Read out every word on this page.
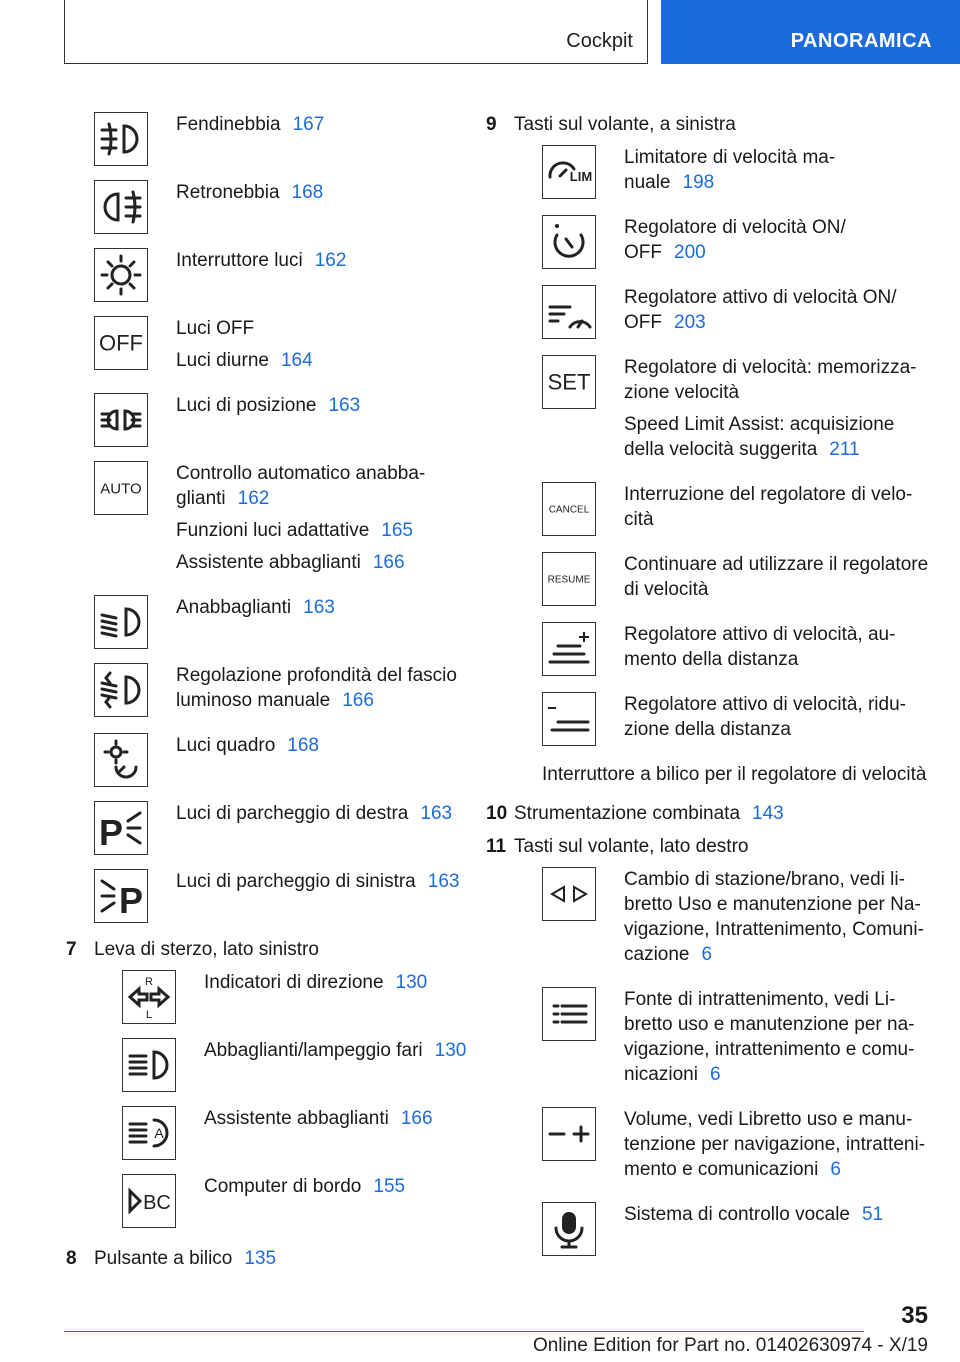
Cockpit	PANORAMICA

Fendinebbia 167

Retronebbia 168

Interruttore luci 162

OFF

Luci OFF

Luci diurne 164

Luci di posizione 163

AUTO

Controllo automatico anabba-
glianti 162

Funzioni luci adattative 165

Assistente abbaglianti 166

Anabbaglianti 163

Regolazione profondità del fascio
luminoso manuale 166

Luci quadro 168

P	Luci di parcheggio di destra 163

P Luci di parcheggio di sinistra 163

7 Leva di sterzo, lato sinistro
R
L

Indicatori di direzione 130

Abbaglianti/lampeggio fari 130

A

Assistente abbaglianti 166

BC

Computer di bordo 155

8 Pulsante a bilico 135
9 Tasti sul volante, a sinistra
LIM

Limitatore di velocità ma-
nuale 198

Regolatore di velocità ON/
OFF 200

Regolatore attivo di velocità ON/
OFF 203

SET

Regolatore di velocità: memorizza-
zione velocità

Speed Limit Assist: acquisizione
della velocità suggerita 211

CANCEL

Interruzione del regolatore di velo-
cità

RESUME

Continuare ad utilizzare il regolatore
di velocità

Regolatore attivo di velocità, au-
mento della distanza

Regolatore attivo di velocità, ridu-
zione della distanza

Interruttore a bilico per il regolatore di velocità
10 Strumentazione combinata 143
11 Tasti sul volante, lato destro

Cambio di stazione/brano, vedi li-
bretto Uso e manutenzione per Na-
vigazione, Intrattenimento, Comuni-
cazione 6

Fonte di intrattenimento, vedi Li-
bretto uso e manutenzione per na-
vigazione, intrattenimento e comu-
nicazioni 6

Volume, vedi Libretto uso e manu-
tenzione per navigazione, intratteni-
mento e comunicazioni 6

Sistema di controllo vocale 51

35
Online Edition for Part no. 01402630974 - X/19
